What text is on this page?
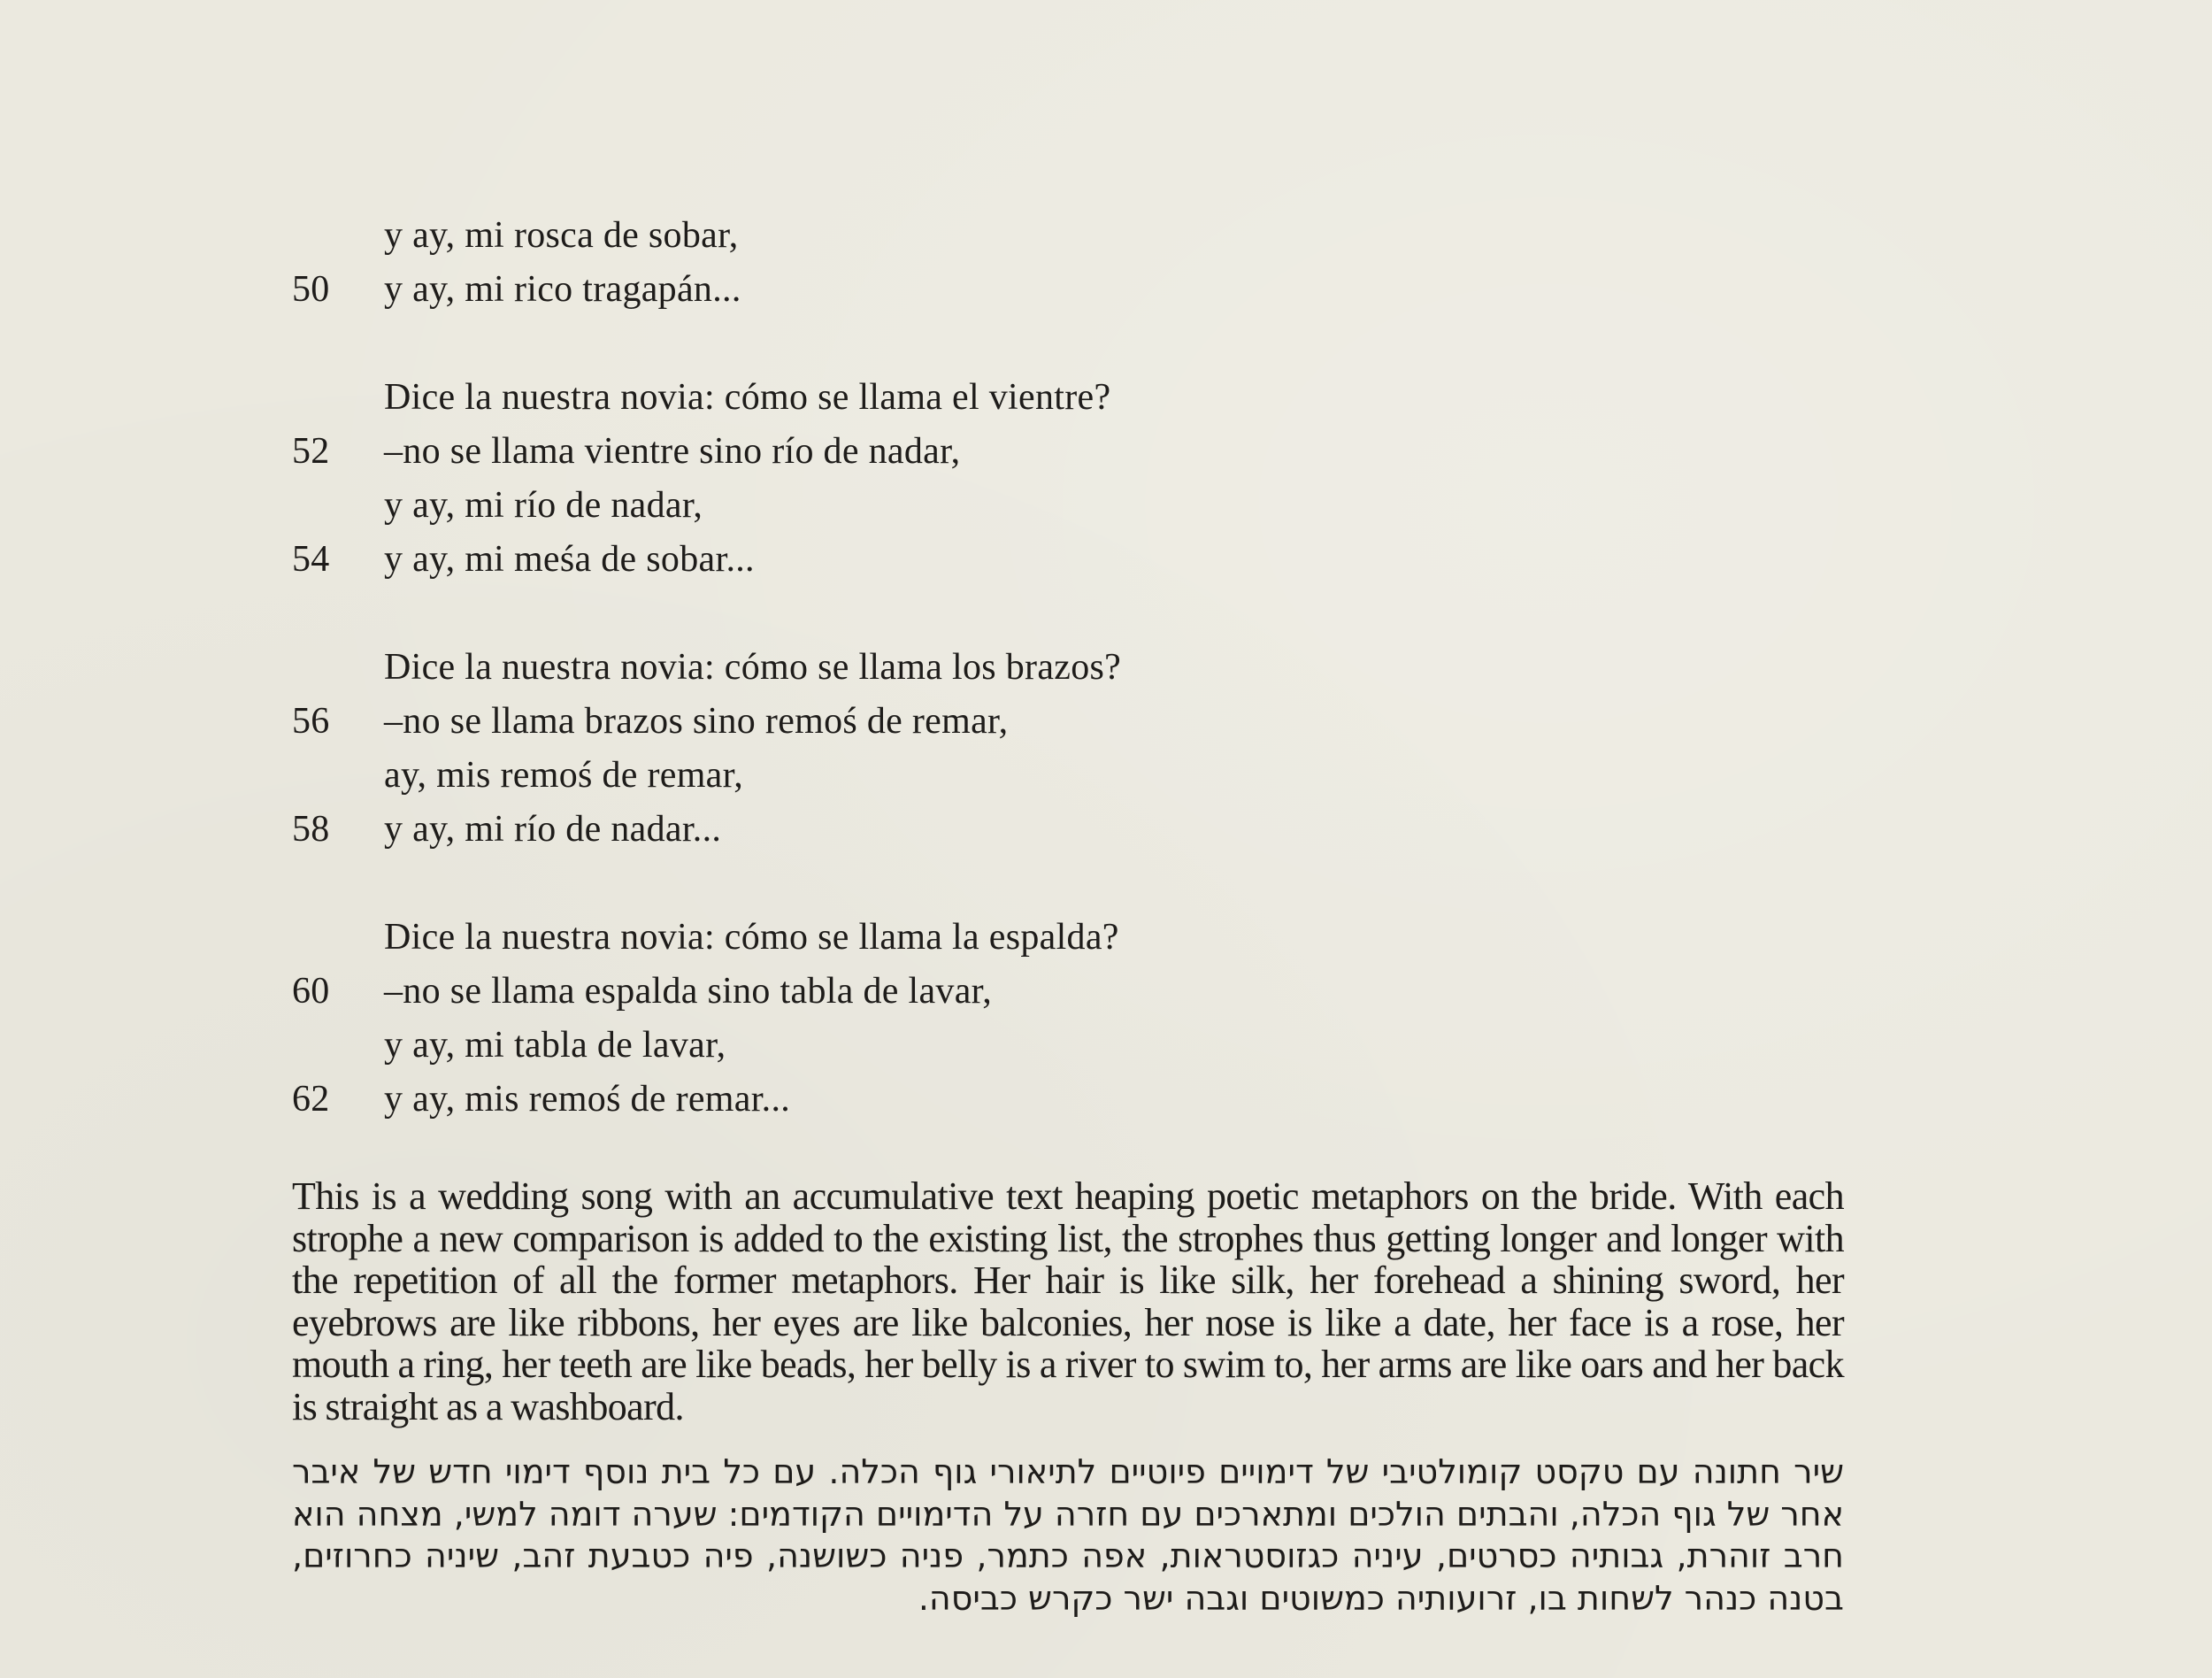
y ay, mi rosca de sobar,
50	y ay, mi rico tragapán...
Dice la nuestra novia: cómo se llama el vientre?
52	–no se llama vientre sino río de nadar,
y ay, mi río de nadar,
54	y ay, mi meśa de sobar...
Dice la nuestra novia: cómo se llama los brazos?
56	–no se llama brazos sino remoś de remar,
ay, mis remoś de remar,
58	y ay, mi río de nadar...
Dice la nuestra novia: cómo se llama la espalda?
60	–no se llama espalda sino tabla de lavar,
y ay, mi tabla de lavar,
62	y ay, mis remoś de remar...

This is a wedding song with an accumulative text heaping poetic metaphors on the bride. With each strophe a new comparison is added to the existing list, the strophes thus getting longer and longer with the repetition of all the former metaphors. Her hair is like silk, her forehead a shining sword, her eyebrows are like ribbons, her eyes are like balconies, her nose is like a date, her face is a rose, her mouth a ring, her teeth are like beads, her belly is a river to swim to, her arms are like oars and her back is straight as a washboard.

שיר חתונה עם טקסט קומולטיבי של דימויים פיוטיים לתיאורי גוף הכלה. עם כל בית נוסף דימוי חדש של איבר אחר של גוף הכלה, והבתים הולכים ומתארכים עם חזרה על הדימויים הקודמים: שערה דומה למשי, מצחה הוא חרב זוהרת, גבותיה כסרטים, עיניה כגזוסטראות, אפה כתמר, פניה כשושנה, פיה כטבעת זהב, שיניה כחרוזים, בטנה כנהר לשחות בו, זרועותיה כמשוטים וגבה ישר כקרש כביסה.
